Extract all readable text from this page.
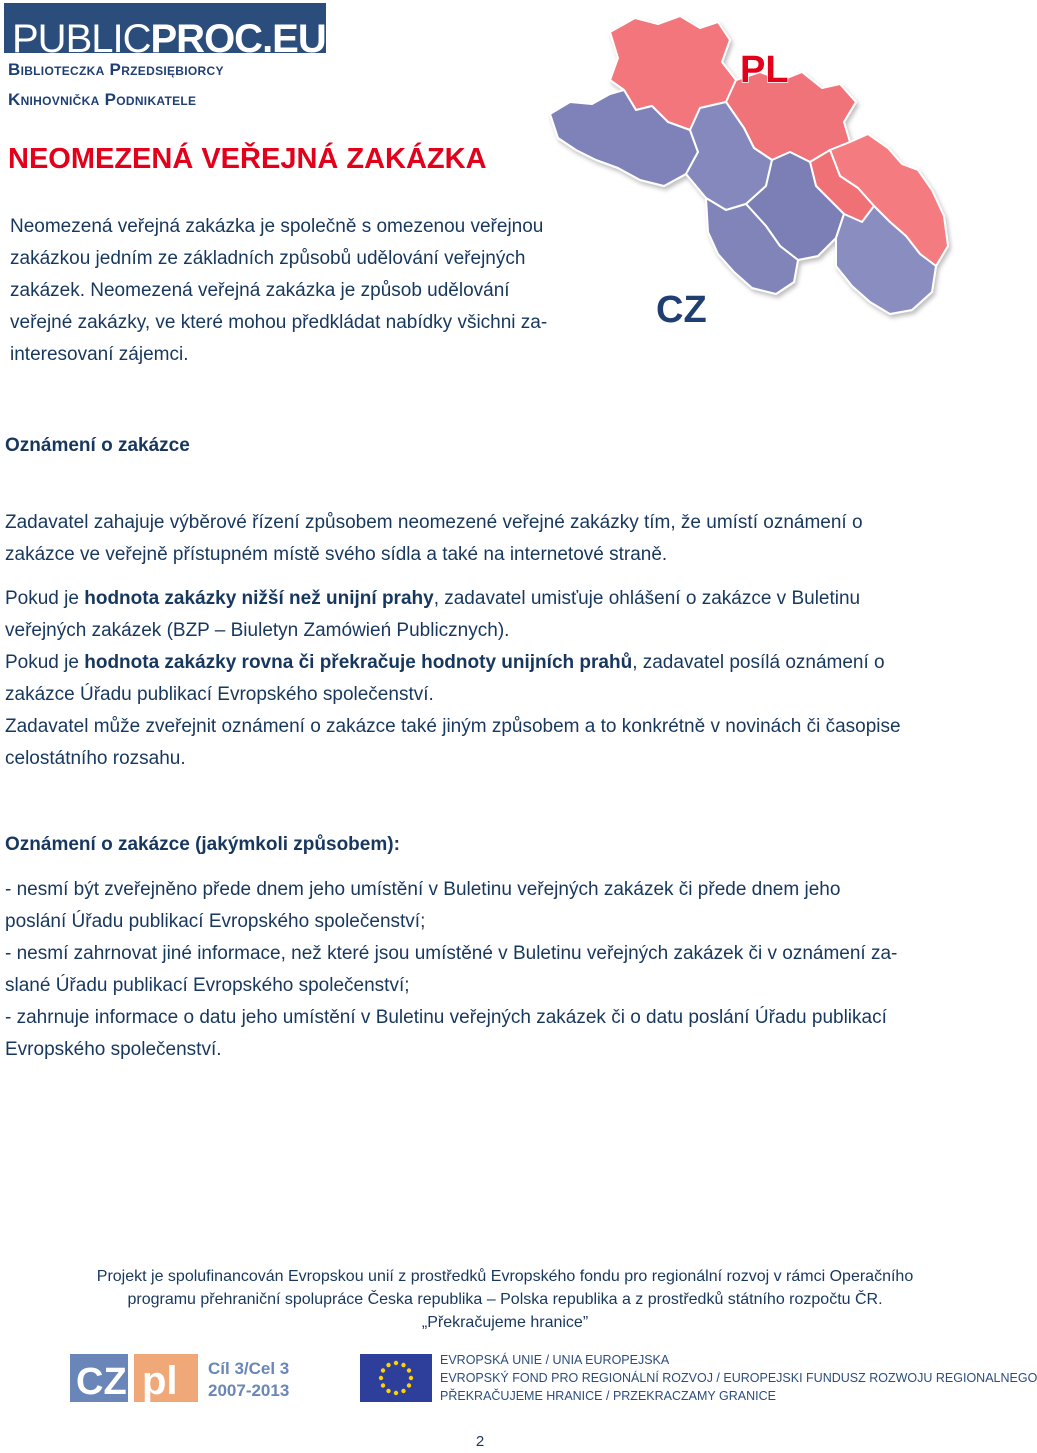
PUBLICPROC.EU
Biblioteczka Przedsiębiorcy
Knihovnička Podnikatele
NEOMEZENÁ VEŘEJNÁ ZAKÁZKA
Neomezená veřejná zakázka je společně s omezenou veřejnou
zakázkou jedním ze základních způsobů udělování veřejných
zakázek. Neomezená veřejná zakázka je způsob udělování
veřejné zakázky, ve které mohou předkládat nabídky všichni za-
interesovaní zájemci.
PL
CZ
Oznámení o zakázce
Zadavatel zahajuje výběrové řízení způsobem neomezené veřejné zakázky tím, že umístí oznámení o
zakázce ve veřejně přístupném místě svého sídla a také na internetové straně.

Pokud je hodnota zakázky nižší než unijní prahy, zadavatel umisťuje ohlášení o zakázce v Buletinu

veřejných zakázek (BZP – Biuletyn Zamówień Publicznych).

Pokud je hodnota zakázky rovna či překračuje hodnoty unijních prahů, zadavatel posílá oznámení o

zakázce Úřadu publikací Evropského společenství.

Zadavatel může zveřejnit oznámení o zakázce také jiným způsobem a to konkrétně v novinách či časopise

celostátního rozsahu.

Oznámení o zakázce (jakýmkoli způsobem):
- nesmí být zveřejněno přede dnem jeho umístění v Buletinu veřejných zakázek či přede dnem jeho
poslání Úřadu publikací Evropského společenství;
- nesmí zahrnovat jiné informace, než které jsou umístěné v Buletinu veřejných zakázek či v oznámení za-
slané Úřadu publikací Evropského společenství;
- zahrnuje informace o datu jeho umístění v Buletinu veřejných zakázek či o datu poslání Úřadu publikací
Evropského společenství.
Projekt je spolufinancován Evropskou unií z prostředků Evropského fondu pro regionální rozvoj v rámci Operačního
programu přehraniční spolupráce Česka republika – Polska republika a z prostředků státního rozpočtu ČR.
„Překračujeme hranice”
CZ pl Cíl 3/Cel 3
2007-2013
EVROPSKÁ UNIE / UNIA EUROPEJSKA
EVROPSKÝ FOND PRO REGIONÁLNÍ ROZVOJ / EUROPEJSKI FUNDUSZ ROZWOJU REGIONALNEGO
PŘEKRAČUJEME HRANICE / PRZEKRACZAMY GRANICE
2
